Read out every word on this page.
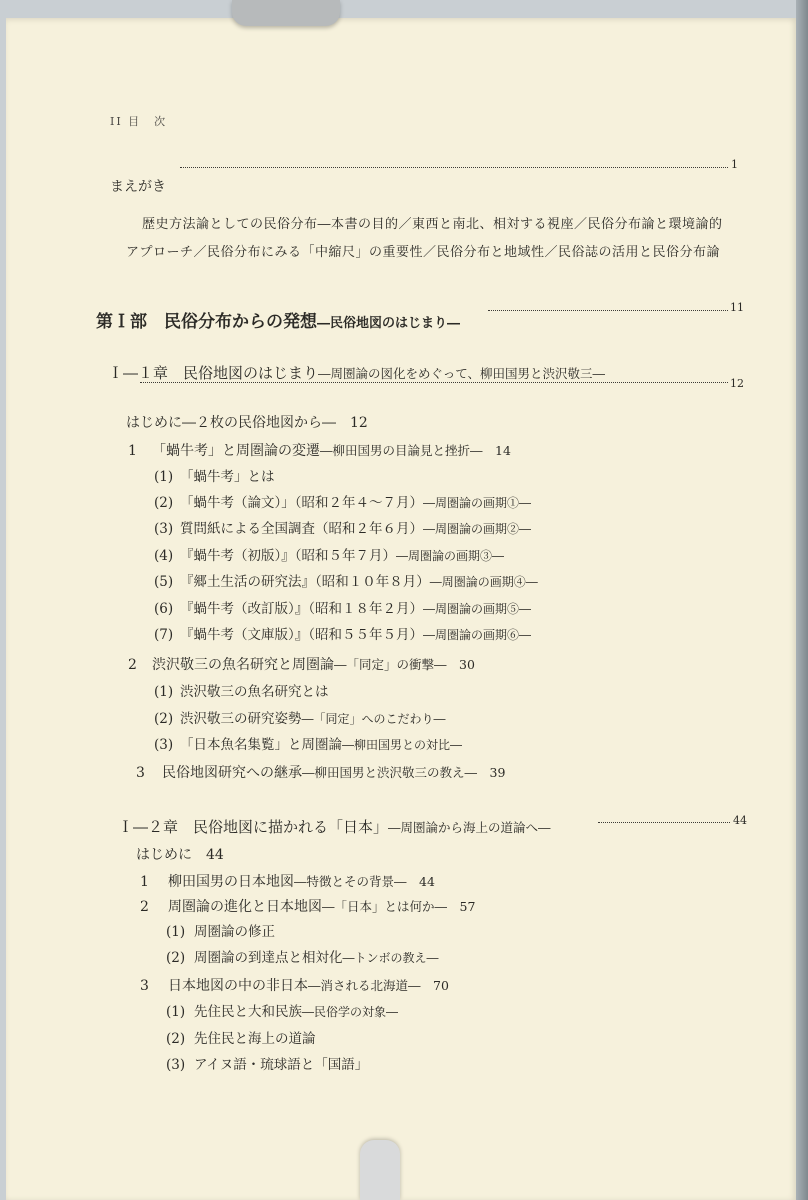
II 目　次
まえがき
1
歴史方法論としての民俗分布―本書の目的／東西と南北、相対する視座／民俗分布論と環境論的
アプローチ／民俗分布にみる「中縮尺」の重要性／民俗分布と地域性／民俗誌の活用と民俗分布論
第Ｉ部　民俗分布からの発想―民俗地図のはじまり―
11
Ｉ―１章　民俗地図のはじまり―周圏論の図化をめぐって、柳田国男と渋沢敬三―
12
はじめに―２枚の民俗地図から―　12
1 「蝸牛考」と周圏論の変遷―柳田国男の目論見と挫折―　14
(1) 「蝸牛考」とは
(2) 「蝸牛考（論文）」（昭和２年４～７月）―周圏論の画期①―
(3) 質問紙による全国調査（昭和２年６月）―周圏論の画期②―
(4) 『蝸牛考（初版）』（昭和５年７月）―周圏論の画期③―
(5) 『郷土生活の研究法』（昭和１０年８月）―周圏論の画期④―
(6) 『蝸牛考（改訂版）』（昭和１８年２月）―周圏論の画期⑤―
(7) 『蝸牛考（文庫版）』（昭和５５年５月）―周圏論の画期⑥―
2 渋沢敬三の魚名研究と周圏論―「同定」の衝撃―　30
(1) 渋沢敬三の魚名研究とは
(2) 渋沢敬三の研究姿勢―「同定」へのこだわり―
(3) 「日本魚名集覧」と周圏論―柳田国男との対比―
3 民俗地図研究への継承―柳田国男と渋沢敬三の教え―　39
Ｉ―２章　民俗地図に描かれる「日本」―周圏論から海上の道論へ―	44
はじめに　44
1 柳田国男の日本地図―特徴とその背景―　44
2 周圏論の進化と日本地図―「日本」とは何か―　57
(1) 周圏論の修正
(2) 周圏論の到達点と相対化―トンボの教え―
3 日本地図の中の非日本―消される北海道―　70
(1) 先住民と大和民族―民俗学の対象―
(2) 先住民と海上の道論
(3) アイヌ語・琉球語と「国語」
